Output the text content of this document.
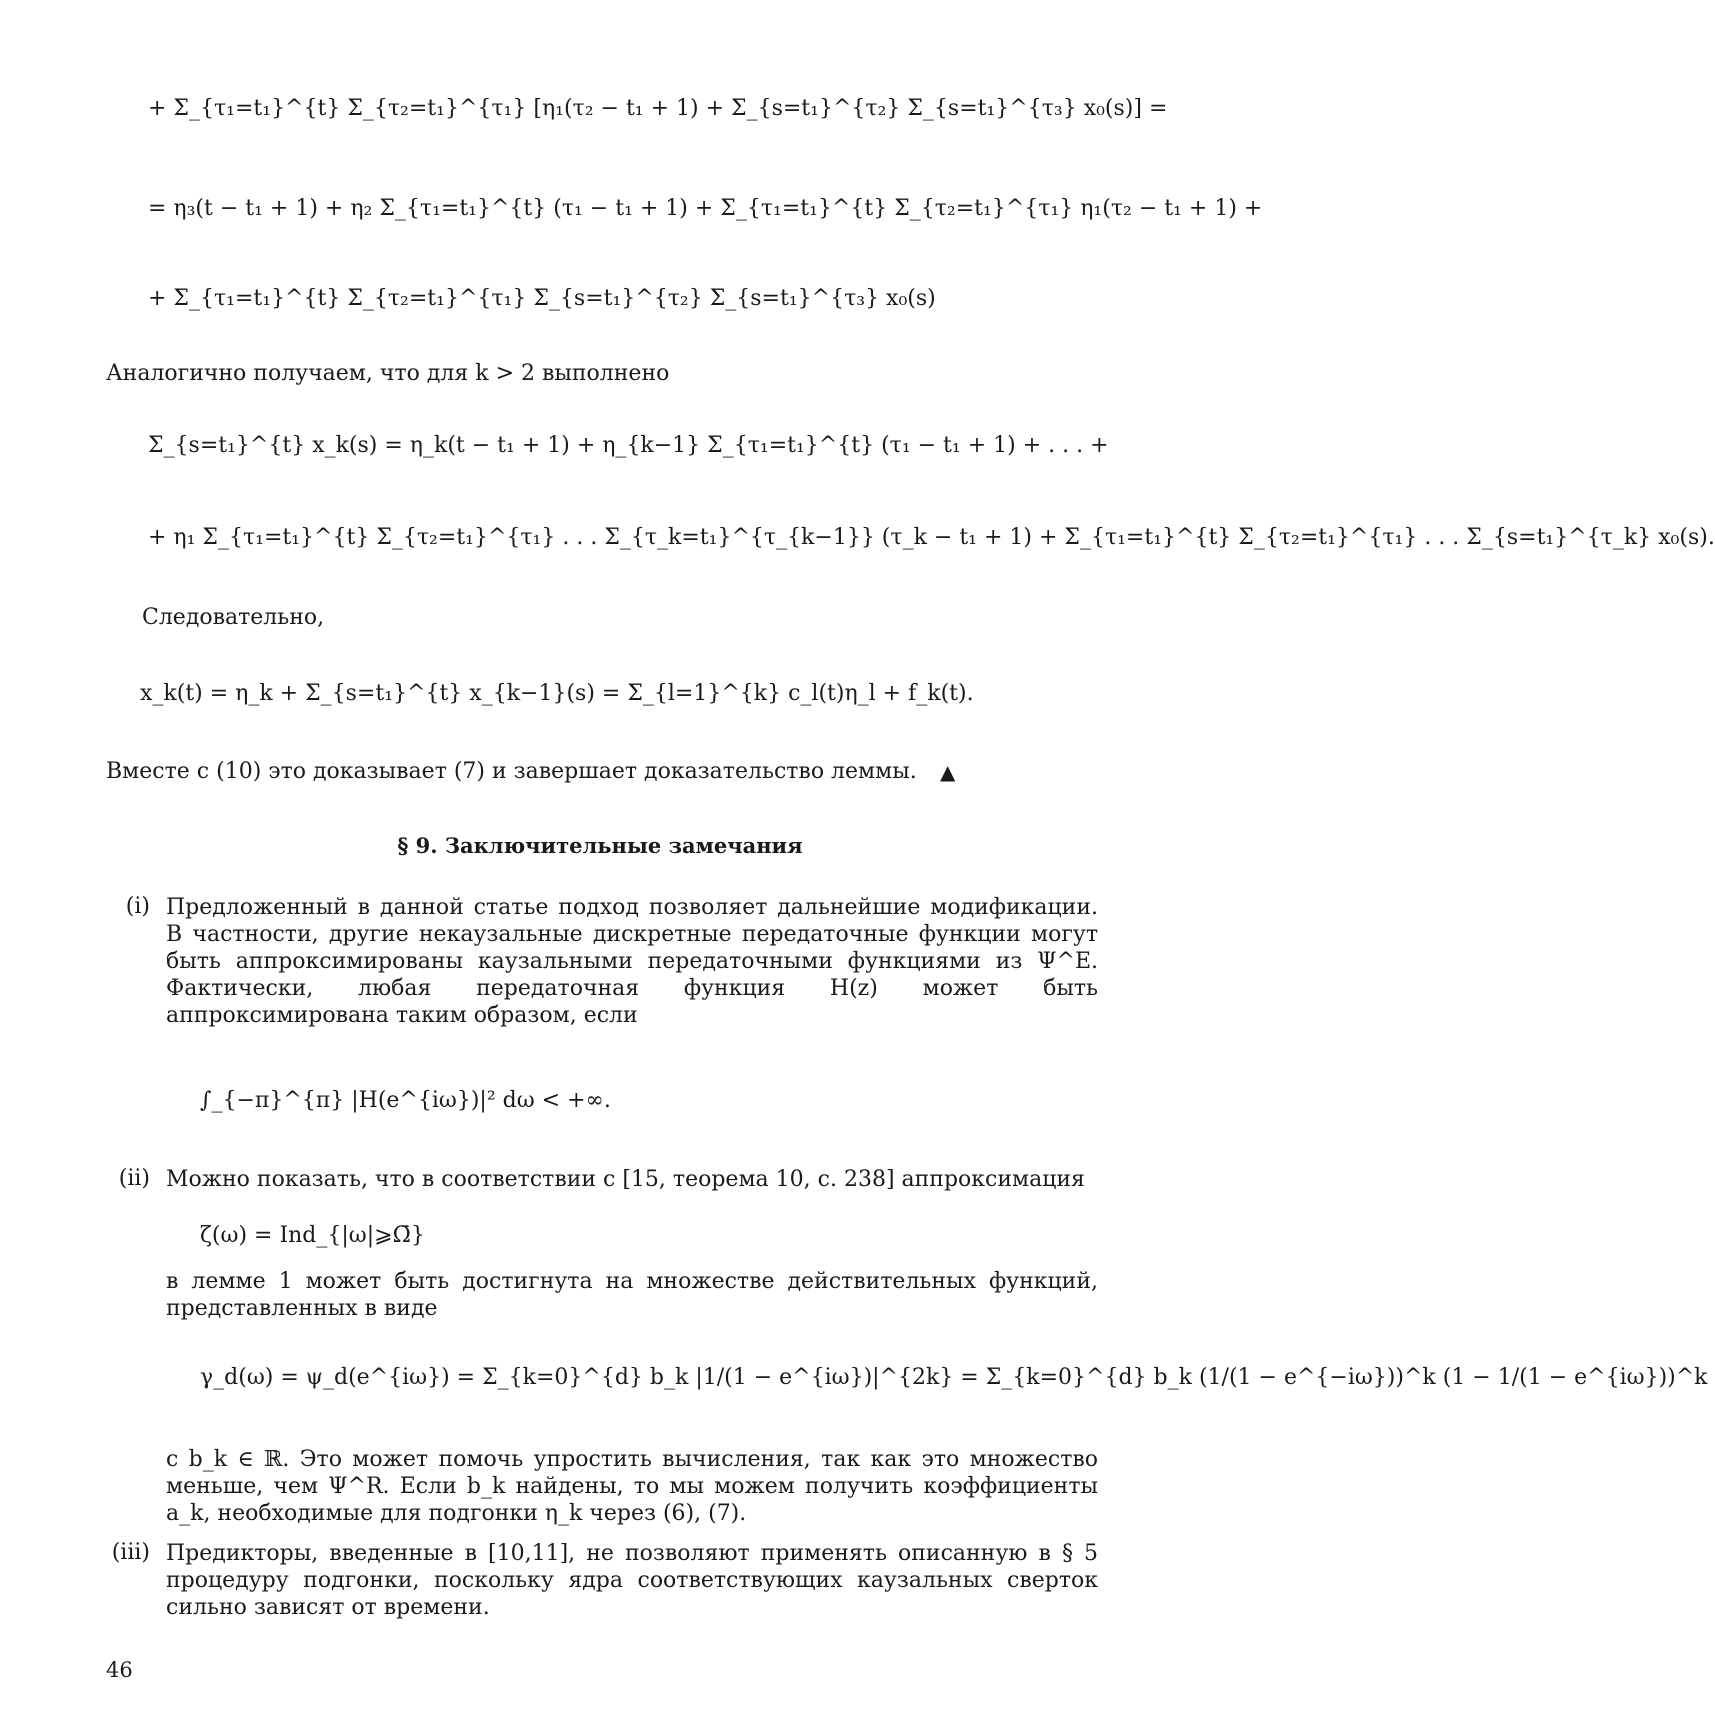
+ Σ_{τ₁=t₁}^{t} Σ_{τ₂=t₁}^{τ₁} [η₁(τ₂ − t₁ + 1) + Σ_{s=t₁}^{τ₂} Σ_{s=t₁}^{τ₃} x₀(s)] =
= η₃(t − t₁ + 1) + η₂ Σ_{τ₁=t₁}^{t} (τ₁ − t₁ + 1) + Σ_{τ₁=t₁}^{t} Σ_{τ₂=t₁}^{τ₁} η₁(τ₂ − t₁ + 1) +
+ Σ_{τ₁=t₁}^{t} Σ_{τ₂=t₁}^{τ₁} Σ_{s=t₁}^{τ₂} Σ_{s=t₁}^{τ₃} x₀(s)
Аналогично получаем, что для k > 2 выполнено
Σ_{s=t₁}^{t} x_k(s) = η_k(t − t₁ + 1) + η_{k−1} Σ_{τ₁=t₁}^{t} (τ₁ − t₁ + 1) + . . . +
+ η₁ Σ_{τ₁=t₁}^{t} Σ_{τ₂=t₁}^{τ₁} . . . Σ_{τ_k=t₁}^{τ_{k−1}} (τ_k − t₁ + 1) + Σ_{τ₁=t₁}^{t} Σ_{τ₂=t₁}^{τ₁} . . . Σ_{s=t₁}^{τ_k} x₀(s).
Следовательно,
x_k(t) = η_k + Σ_{s=t₁}^{t} x_{k−1}(s) = Σ_{l=1}^{k} c_l(t)η_l + f_k(t).
Вместе с (10) это доказывает (7) и завершает доказательство леммы. ▲
§ 9. Заключительные замечания
(i) Предложенный в данной статье подход позволяет дальнейшие модификации. В частности, другие некаузальные дискретные передаточные функции могут быть аппроксимированы каузальными передаточными функциями из Ψ^E. Фактически, любая передаточная функция H(z) может быть аппроксимирована таким образом, если
∫_{−π}^{π} |H(e^{iω})|² dω < +∞.
(ii) Можно показать, что в соответствии с [15, теорема 10, с. 238] аппроксимация
ζ(ω) = Ind_{|ω|⩾Ω̄}
в лемме 1 может быть достигнута на множестве действительных функций, представленных в виде
γ_d(ω) = ψ_d(e^{iω}) = Σ_{k=0}^{d} b_k |1/(1 − e^{iω})|^{2k} = Σ_{k=0}^{d} b_k (1/(1 − e^{−iω}))^k (1 − 1/(1 − e^{iω}))^k
с b_k ∈ ℝ. Это может помочь упростить вычисления, так как это множество меньше, чем Ψ^R. Если b_k найдены, то мы можем получить коэффициенты a_k, необходимые для подгонки η_k через (6), (7).
(iii) Предикторы, введенные в [10,11], не позволяют применять описанную в § 5 процедуру подгонки, поскольку ядра соответствующих каузальных сверток сильно зависят от времени.
46
